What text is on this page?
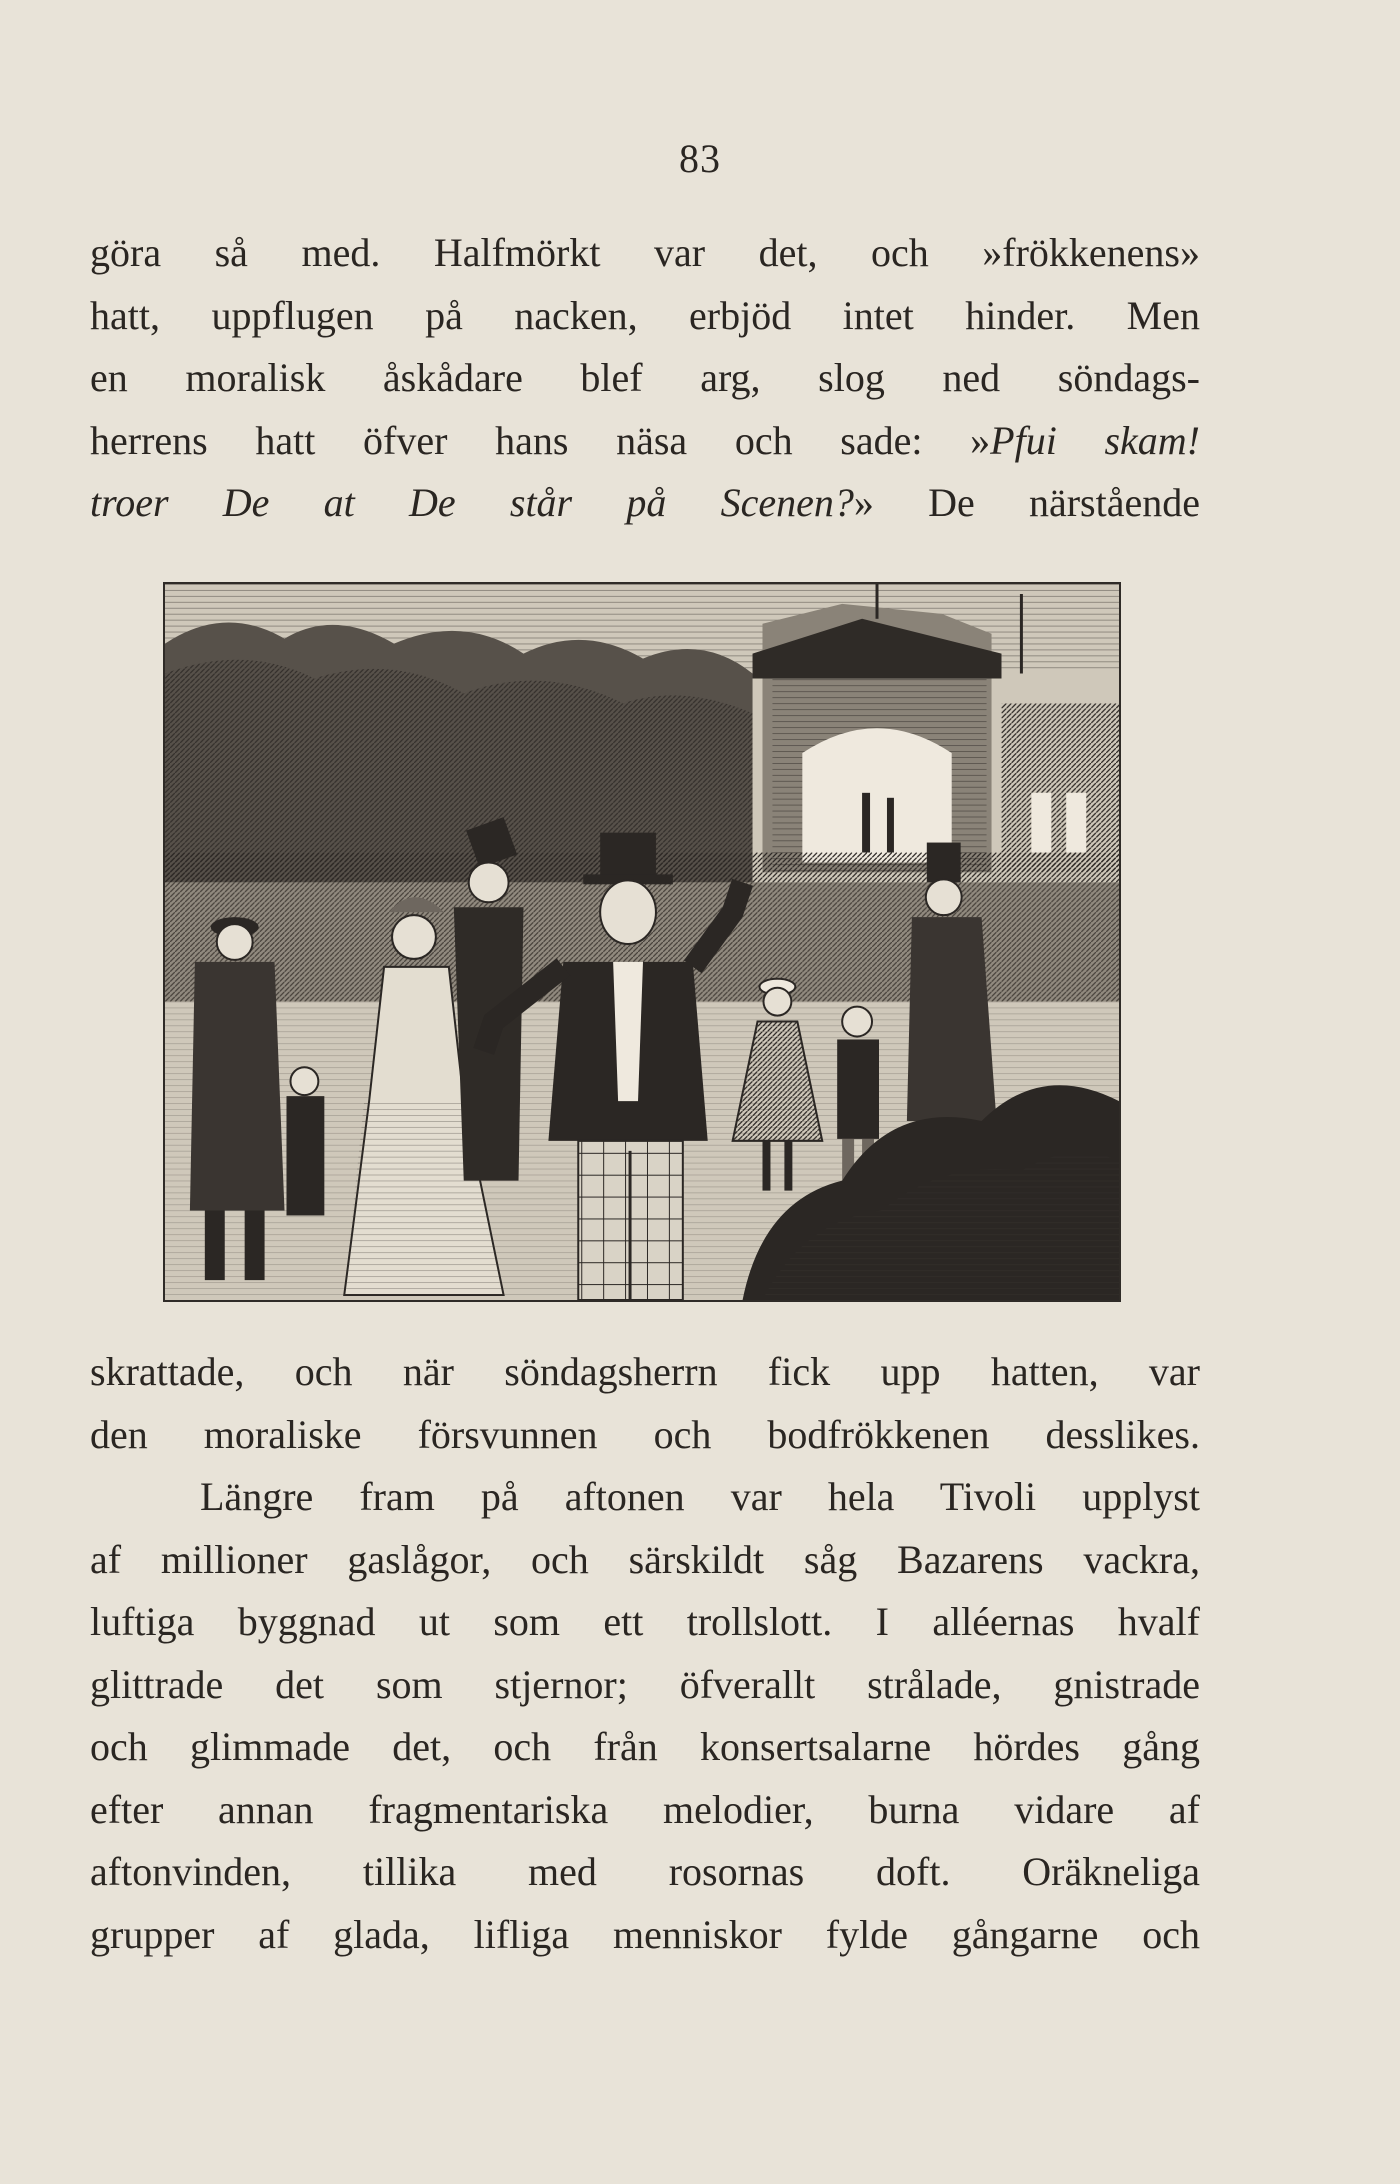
83
göra så med. Halfmörkt var det, och »frökkenens»
hatt, uppflugen på nacken, erbjöd intet hinder. Men
en moralisk åskådare blef arg, slog ned söndags-
herrens hatt öfver hans näsa och sade: »Pfui skam!
troer De at De står på Scenen?» De närstående
skrattade, och när söndagsherrn fick upp hatten, var
den moraliske försvunnen och bodfrökkenen desslikes.
Längre fram på aftonen var hela Tivoli upplyst
af millioner gaslågor, och särskildt såg Bazarens vackra,
luftiga byggnad ut som ett trollslott. I alléernas hvalf
glittrade det som stjernor; öfverallt strålade, gnistrade
och glimmade det, och från konsertsalarne hördes gång
efter annan fragmentariska melodier, burna vidare af
aftonvinden, tillika med rosornas doft. Oräkneliga
grupper af glada, lifliga menniskor fylde gångarne och
